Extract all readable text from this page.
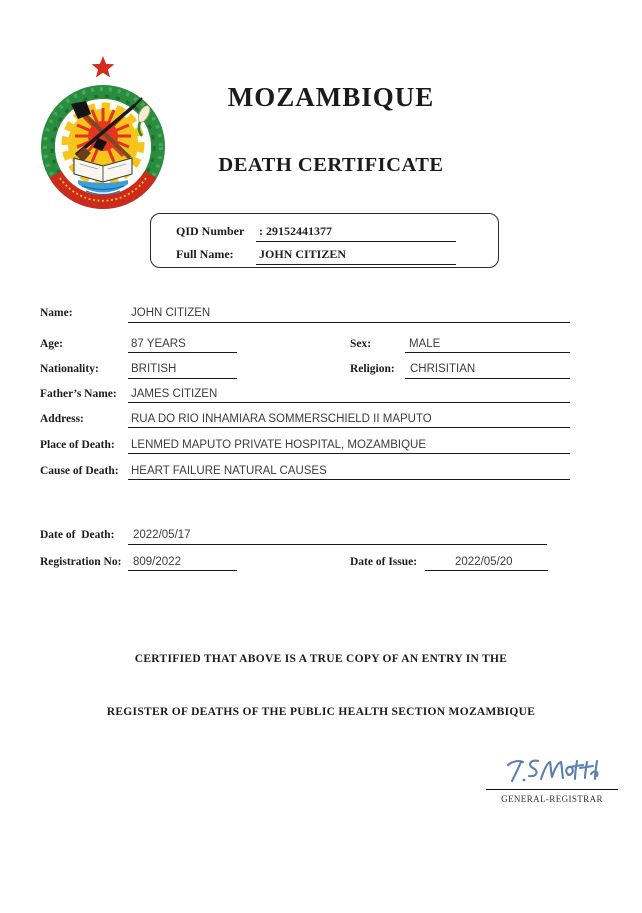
MOZAMBIQUE
DEATH CERTIFICATE
QID Number : 29152441377
Full Name: JOHN CITIZEN
Name:	JOHN CITIZEN
Age:	87 YEARS	Sex:	MALE
Nationality:	BRITISH	Religion: CHRISITIAN
Father’s Name: JAMES CITIZEN
Address:	RUA DO RIO INHAMIARA SOMMERSCHIELD II MAPUTO
Place of Death: LENMED MAPUTO PRIVATE HOSPITAL, MOZAMBIQUE
Cause of Death: HEART FAILURE NATURAL CAUSES
Date of  Death: 2022/05/17
Registration No: 809/2022	Date of Issue:	2022/05/20
CERTIFIED THAT ABOVE IS A TRUE COPY OF AN ENTRY IN THE
REGISTER OF DEATHS OF THE PUBLIC HEALTH SECTION MOZAMBIQUE
GENERAL-REGISTRAR
